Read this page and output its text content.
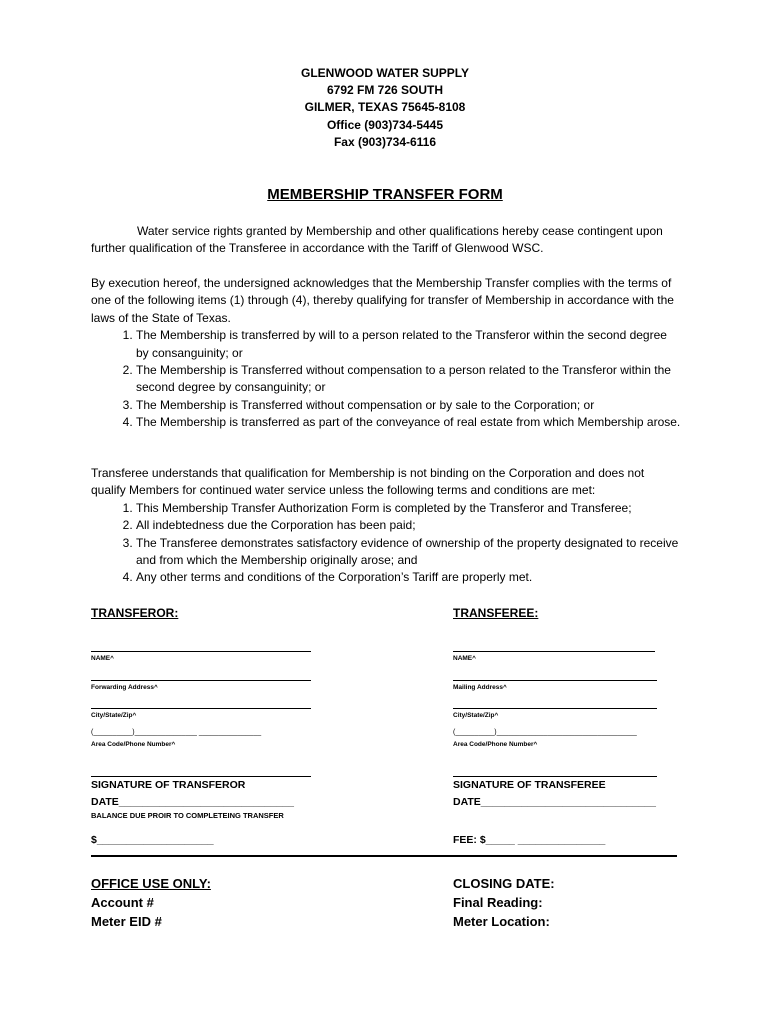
GLENWOOD WATER SUPPLY
6792 FM 726 SOUTH
GILMER, TEXAS 75645-8108
Office (903)734-5445
Fax (903)734-6116
MEMBERSHIP TRANSFER FORM
Water service rights granted by Membership and other qualifications hereby cease contingent upon further qualification of the Transferee in accordance with the Tariff of Glenwood WSC.
By execution hereof, the undersigned acknowledges that the Membership Transfer complies with the terms of one of the following items (1) through (4), thereby qualifying for transfer of Membership in accordance with the laws of the State of Texas.
1. The Membership is transferred by will to a person related to the Transferor within the second degree by consanguinity; or
2. The Membership is Transferred without compensation to a person related to the Transferor within the second degree by consanguinity; or
3. The Membership is Transferred without compensation or by sale to the Corporation; or
4. The Membership is transferred as part of the conveyance of real estate from which Membership arose.
Transferee understands that qualification for Membership is not binding on the Corporation and does not qualify Members for continued water service unless the following terms and conditions are met:
1. This Membership Transfer Authorization Form is completed by the Transferor and Transferee;
2. All indebtedness due the Corporation has been paid;
3. The Transferee demonstrates satisfactory evidence of ownership of the property designated to receive and from which the Membership originally arose; and
4. Any other terms and conditions of the Corporation’s Tariff are properly met.
TRANSFEROR:
NAME^
Forwarding Address^
City/State/Zip^
(__________)________________ ________________
Area Code/Phone Number^
SIGNATURE OF TRANSFEROR
DATE______________________________
BALANCE DUE PROIR TO COMPLETEING TRANSFER
$____________________
TRANSFEREE:
NAME^
Mailing Address^
City/State/Zip^
(__________)____________________________________
Area Code/Phone Number^
SIGNATURE OF TRANSFEREE
DATE______________________________
FEE: $_____ _______________
OFFICE USE ONLY:
Account #
Meter EID #
CLOSING DATE:
Final Reading:
Meter Location:
